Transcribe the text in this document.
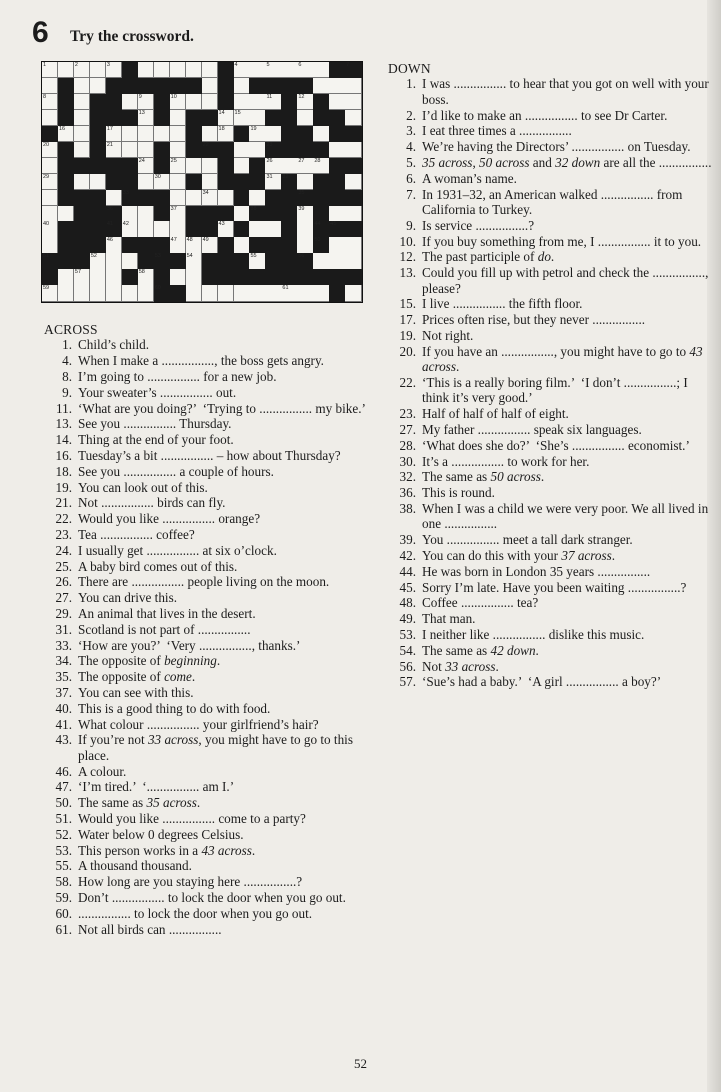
6 Try the crossword.
1	2	3	4	5	6	7
8	9	10	11	12
13	14 15
16	17	18	19
20	21	22	23
24	25	26	27 28
29	30	31 32
33	34	35
36	37	38	39
40	41 42	43	44 45
46	47 48 49	50
51	52	53	54	55	56
57	58
59	60	61
ACROSS
1. Child’s child.
4. When I make a ................, the boss gets angry.
8. I’m going to ................ for a new job.
9. Your sweater’s ................ out.
11. ‘What are you doing?’  ‘Trying to ................ my bike.’
13. See you ................ Thursday.
14. Thing at the end of your foot.
16. Tuesday’s a bit ................ – how about Thursday?
18. See you ................ a couple of hours.
19. You can look out of this.
21. Not ................ birds can fly.
22. Would you like ................ orange?
23. Tea ................ coffee?
24. I usually get ................ at six o’clock.
25. A baby bird comes out of this.
26. There are ................ people living on the moon.
27. You can drive this.
29. An animal that lives in the desert.
31. Scotland is not part of ................
33. ‘How are you?’  ‘Very ................, thanks.’
34. The opposite of beginning.
35. The opposite of come.
37. You can see with this.
40. This is a good thing to do with food.
41. What colour ................ your girlfriend’s hair?
43. If you’re not 33 across, you might have to go to this place.
46. A colour.
47. ‘I’m tired.’  ‘................ am I.’
50. The same as 35 across.
51. Would you like ................ come to a party?
52. Water below 0 degrees Celsius.
53. This person works in a 43 across.
55. A thousand thousand.
58. How long are you staying here ................?
59. Don’t ................ to lock the door when you go out.
60. ................ to lock the door when you go out.
61. Not all birds can ................
DOWN
1. I was ................ to hear that you got on well with your boss.
2. I’d like to make an ................ to see Dr Carter.
3. I eat three times a ................
4. We’re having the Directors’ ................ on Tuesday.
5. 35 across, 50 across and 32 down are all the ................
6. A woman’s name.
7. In 1931–32, an American walked ................ from California to Turkey.
9. Is service ................?
10. If you buy something from me, I ................ it to you.
12. The past participle of do.
13. Could you fill up with petrol and check the ................, please?
15. I live ................ the fifth floor.
17. Prices often rise, but they never ................
19. Not right.
20. If you have an ................, you might have to go to 43 across.
22. ‘This is a really boring film.’  ‘I don’t ................; I think it’s very good.’
23. Half of half of half of eight.
27. My father ................ speak six languages.
28. ‘What does she do?’  ‘She’s ................ economist.’
30. It’s a ................ to work for her.
32. The same as 50 across.
36. This is round.
38. When I was a child we were very poor. We all lived in one ................
39. You ................ meet a tall dark stranger.
42. You can do this with your 37 across.
44. He was born in London 35 years ................
45. Sorry I’m late. Have you been waiting ................?
48. Coffee ................ tea?
49. That man.
53. I neither like ................ dislike this music.
54. The same as 42 down.
56. Not 33 across.
57. ‘Sue’s had a baby.’  ‘A girl ................ a boy?’
52
